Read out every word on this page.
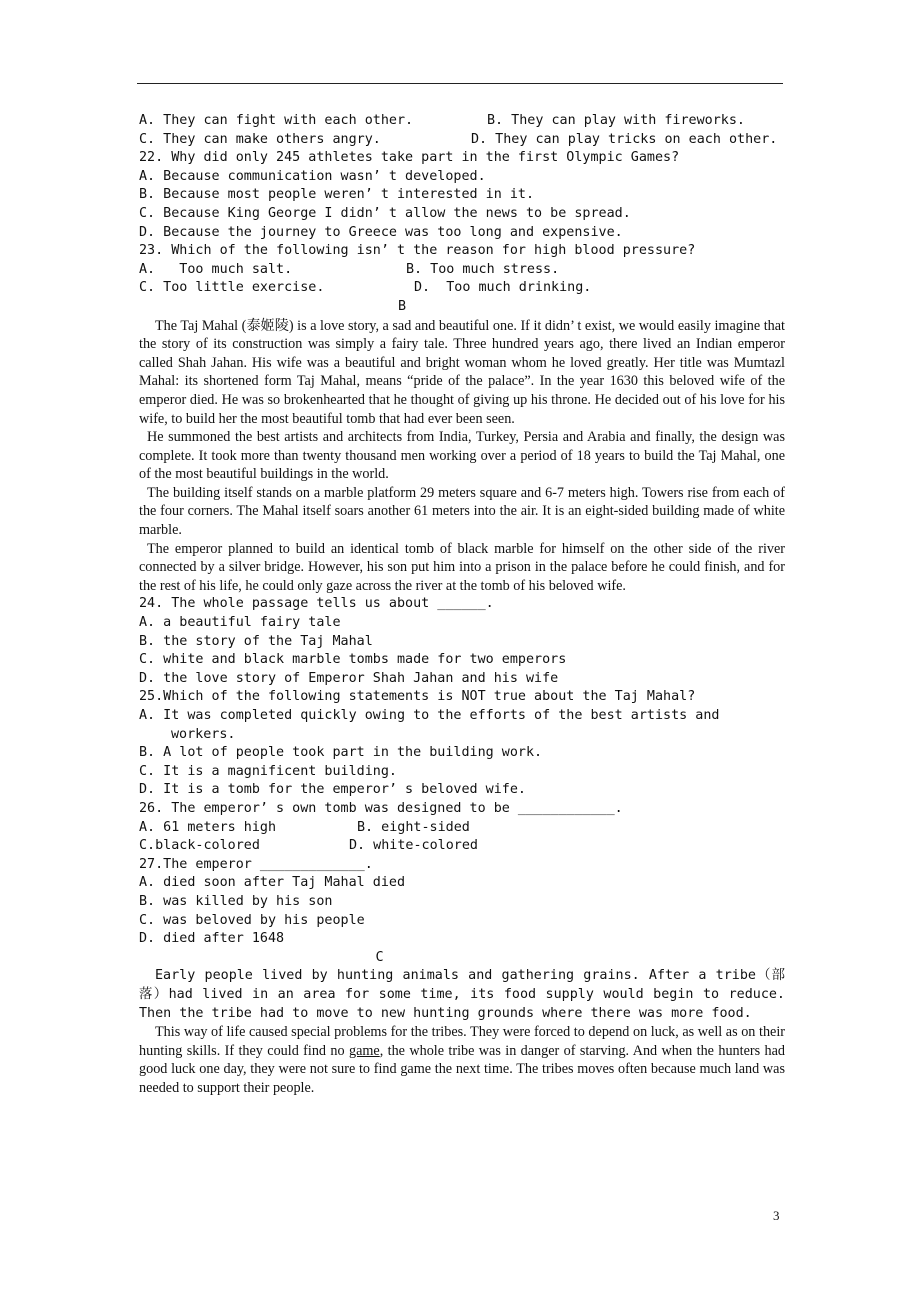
A. They can fight with each other.	B. They can play with fireworks.
C. They can make others angry.	D. They can play tricks on each other.
22. Why did only 245 athletes take part in the first Olympic Games?
A. Because communication wasn’ t developed.
B. Because most people weren’ t interested in it.
C. Because King George I didn’ t allow the news to be spread.
D. Because the journey to Greece was too long and expensive.
23. Which of the following isn’ t the reason for high blood pressure?
A.   Too much salt.	B. Too much stress.
C. Too little exercise.	D.  Too much drinking.
B
The Taj Mahal (泰姬陵) is a love story, a sad and beautiful one. If it didn’ t exist, we would easily imagine that the story of its construction was simply a fairy tale. Three hundred years ago, there lived an Indian emperor called Shah Jahan. His wife was a beautiful and bright woman whom he loved greatly. Her title was Mumtazl Mahal: its shortened form Taj Mahal, means “pride of the palace”. In the year 1630 this beloved wife of the emperor died. He was so brokenhearted that he thought of giving up his throne. He decided out of his love for his wife, to build her the most beautiful tomb that had ever been seen.
He summoned the best artists and architects from India, Turkey, Persia and Arabia and finally, the design was complete. It took more than twenty thousand men working over a period of 18 years to build the Taj Mahal, one of the most beautiful buildings in the world.
The building itself stands on a marble platform 29 meters square and 6-7 meters high. Towers rise from each of the four corners. The Mahal itself soars another 61 meters into the air. It is an eight-sided building made of white marble.
The emperor planned to build an identical tomb of black marble for himself on the other side of the river connected by a silver bridge. However, his son put him into a prison in the palace before he could finish, and for the rest of his life, he could only gaze across the river at the tomb of his beloved wife.
24. The whole passage tells us about ______.
A. a beautiful fairy tale
B. the story of the Taj Mahal
C. white and black marble tombs made for two emperors
D. the love story of Emperor Shah Jahan and his wife
25.Which of the following statements is NOT true about the Taj Mahal?
A. It was completed quickly owing to the efforts of the best artists and
workers.
B. A lot of people took part in the building work.
C. It is a magnificent building.
D. It is a tomb for the emperor’ s beloved wife.
26. The emperor’ s own tomb was designed to be ____________.
A. 61 meters high	B. eight-sided
C.black-colored	D. white-colored
27.The emperor _____________.
A. died soon after Taj Mahal died
B. was killed by his son
C. was beloved by his people
D. died after 1648
C
Early people lived by hunting animals and gathering grains. After a tribe（部落）had lived in an area for some time, its food supply would begin to reduce. Then the tribe had to move to new hunting grounds where there was more food.
This way of life caused special problems for the tribes. They were forced to depend on luck, as well as on their hunting skills. If they could find no game, the whole tribe was in danger of starving. And when the hunters had good luck one day, they were not sure to find game the next time. The tribes moves often because much land was needed to support their people.
3
